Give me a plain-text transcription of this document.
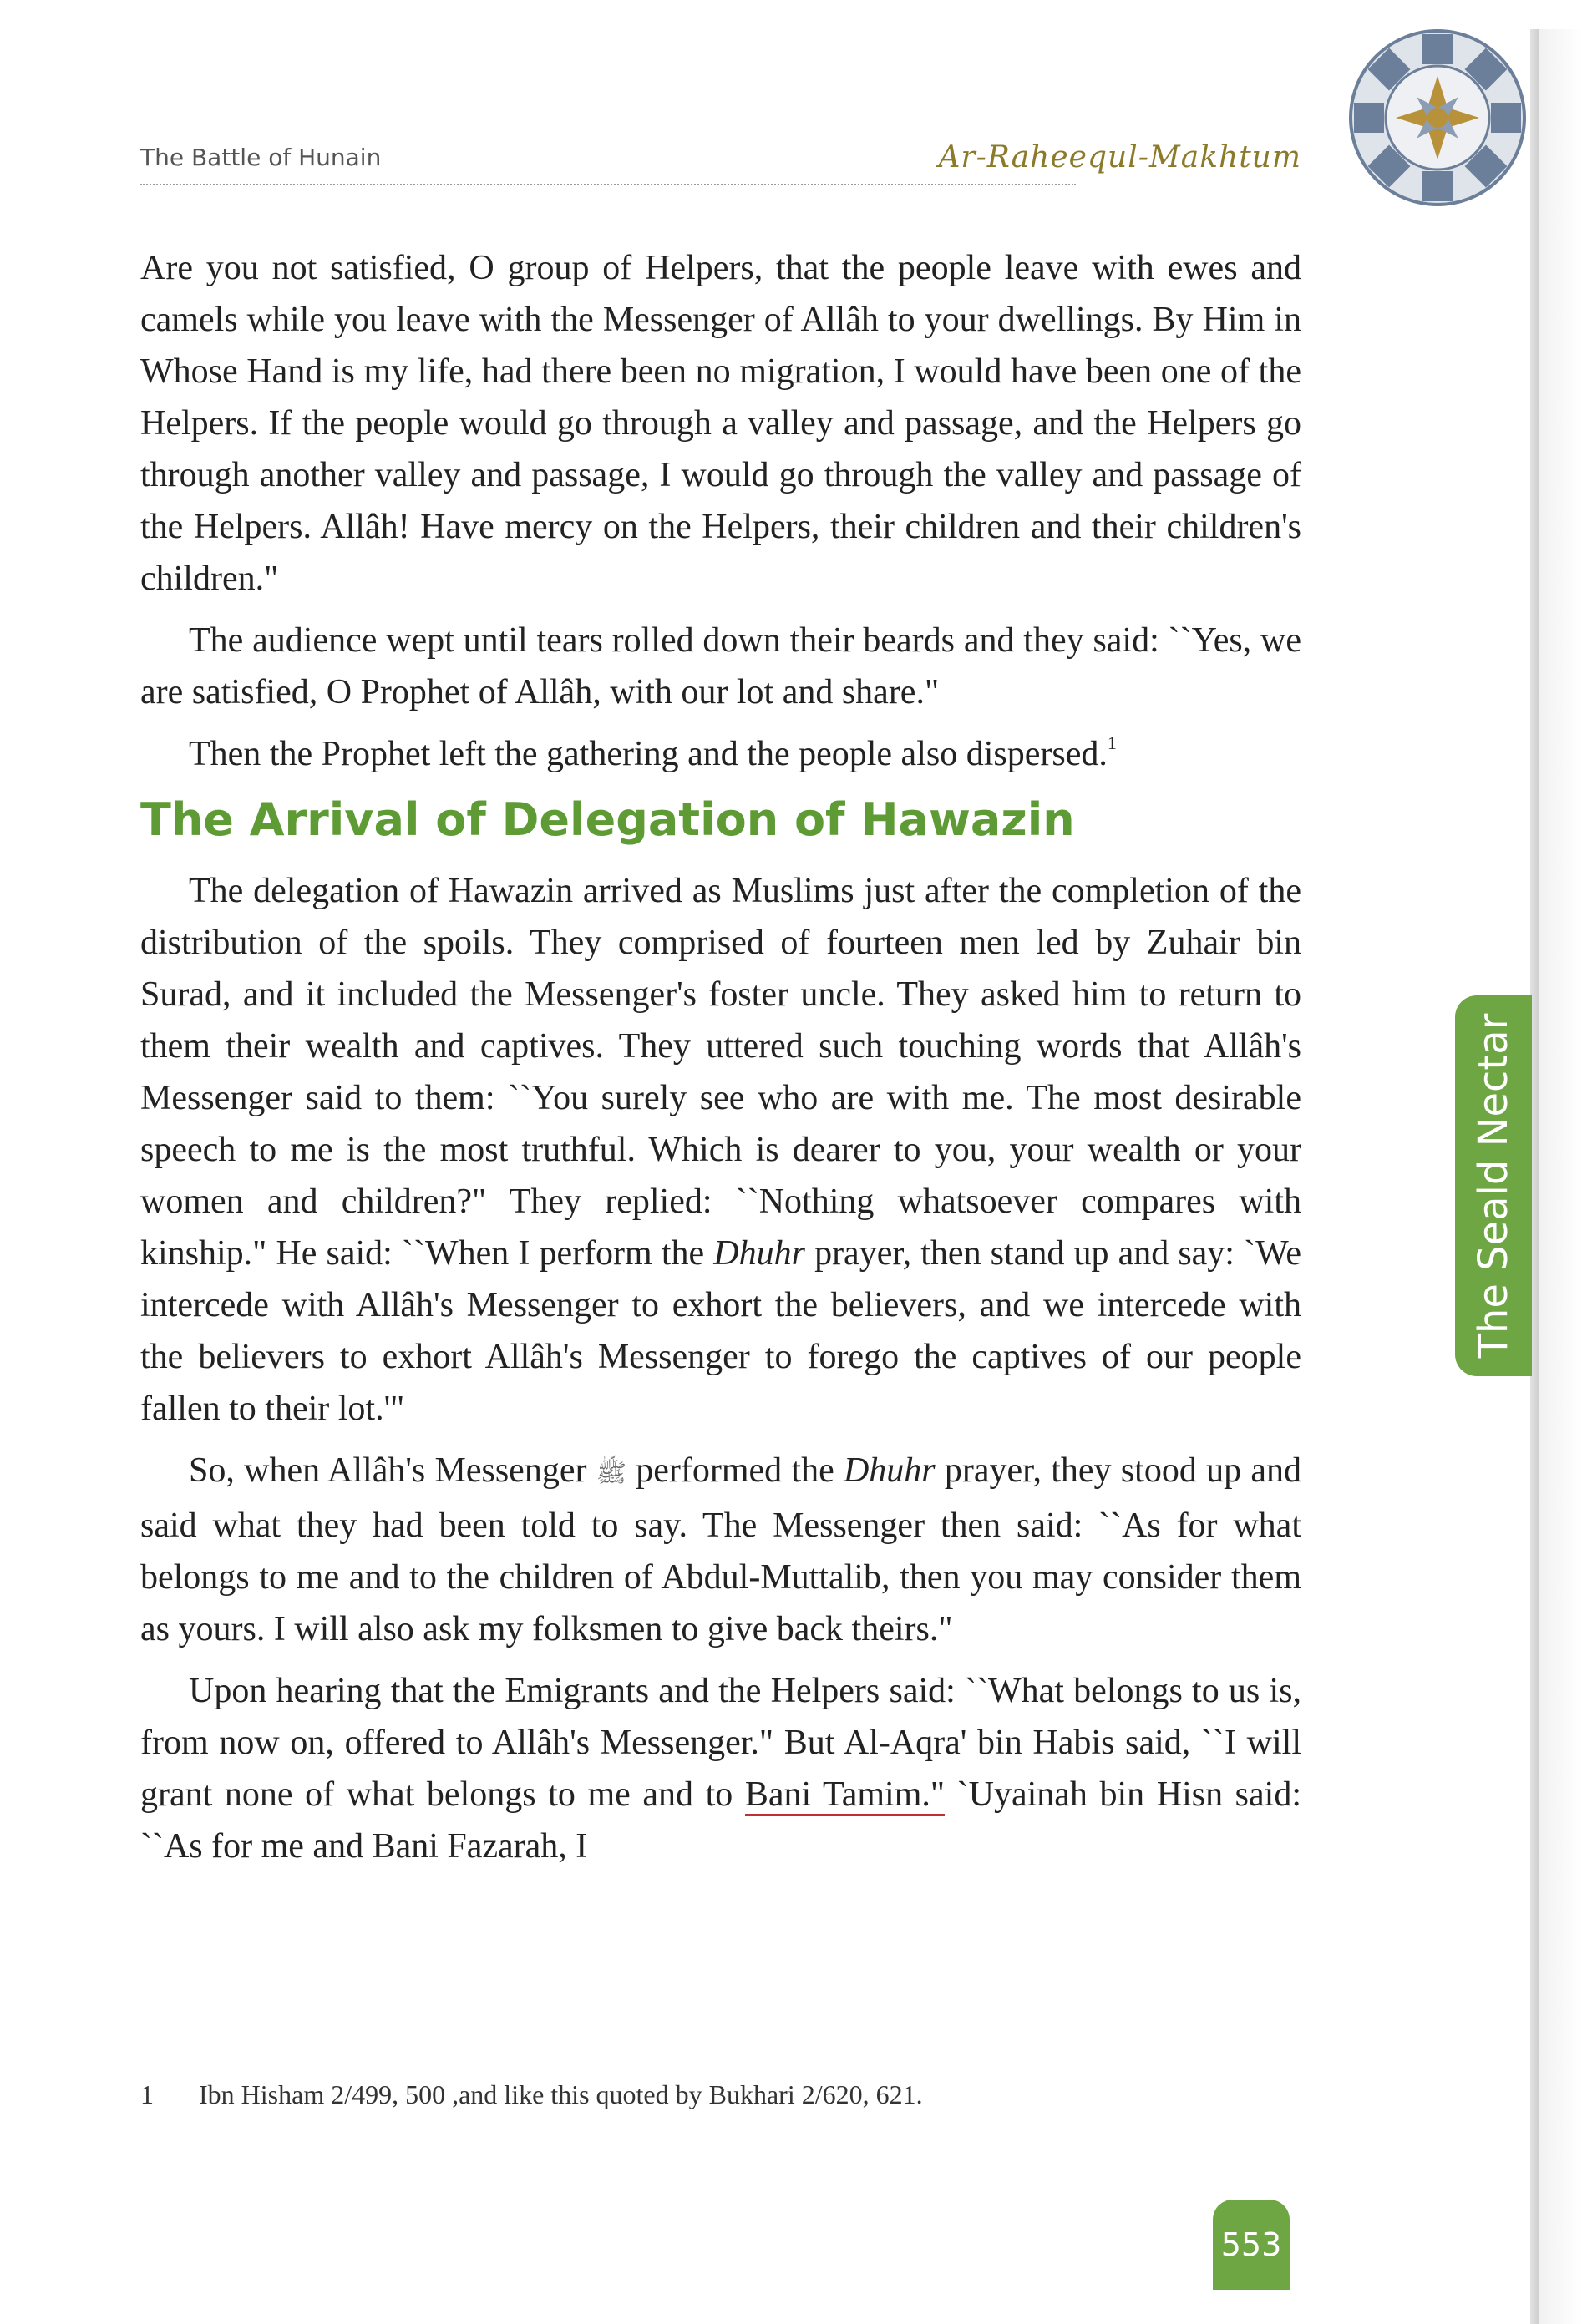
The Battle of Hunain	Ar-Raheequl-Makhtum

Are you not satisfied, O group of Helpers, that the people leave with ewes and camels while you leave with the Messenger of Allâh to your dwellings. By Him in Whose Hand is my life, had there been no migration, I would have been one of the Helpers. If the people would go through a valley and passage, and the Helpers go through another valley and passage, I would go through the valley and passage of the Helpers. Allâh! Have mercy on the Helpers, their children and their children's children."

The audience wept until tears rolled down their beards and they said: ``Yes, we are satisfied, O Prophet of Allâh, with our lot and share."

Then the Prophet left the gathering and the people also dispersed.$^1$

The Arrival of Delegation of Hawazin

The delegation of Hawazin arrived as Muslims just after the completion of the distribution of the spoils. They comprised of fourteen men led by Zuhair bin Surad, and it included the Messenger's foster uncle. They asked him to return to them their wealth and captives. They uttered such touching words that Allâh's Messenger said to them: ``You surely see who are with me. The most desirable speech to me is the most truthful. Which is dearer to you, your wealth or your women and children?" They replied: ``Nothing whatsoever compares with kinship." He said: ``When I perform the Dhuhr prayer, then stand up and say: `We intercede with Allâh's Messenger to exhort the believers, and we intercede with the believers to exhort Allâh's Messenger to forego the captives of our people fallen to their lot.'"

So, when Allâh's Messenger ﷺ performed the Dhuhr prayer, they stood up and said what they had been told to say. The Messenger then said: ``As for what belongs to me and to the children of Abdul-Muttalib, then you may consider them as yours. I will also ask my folksmen to give back theirs."

Upon hearing that the Emigrants and the Helpers said: ``What belongs to us is, from now on, offered to Allâh's Messenger." But Al-Aqra' bin Habis said, ``I will grant none of what belongs to me and to Bani Tamim." `Uyainah bin Hisn said: ``As for me and Bani Fazarah, I

1 Ibn Hisham 2/499, 500 ,and like this quoted by Bukhari 2/620, 621.
The Seald Nectar
553
